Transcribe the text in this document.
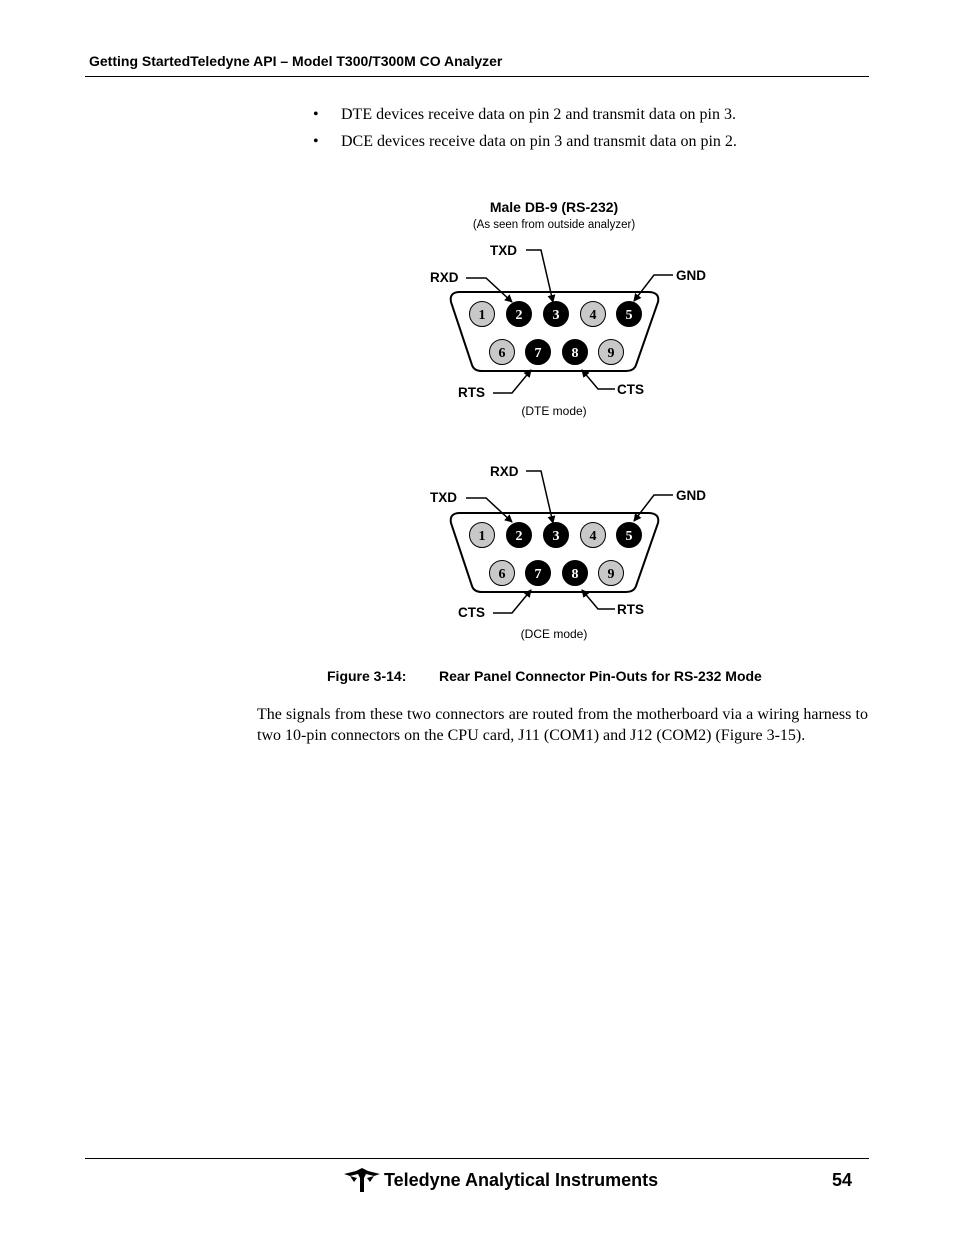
Getting StartedTeledyne API – Model T300/T300M CO Analyzer
•	DTE devices receive data on pin 2 and transmit data on pin 3.
•	DCE devices receive data on pin 3 and transmit data on pin 2.
Male DB-9 (RS-232)
(As seen from outside analyzer)
TXD
RXD	GND
RTS	CTS
(DTE mode)
1 2 3 4 5
6 7 8 9
RXD
TXD	GND
CTS	RTS
(DCE mode)
1 2 3 4 5
6 7 8 9
Figure 3-14: Rear Panel Connector Pin-Outs for RS-232 Mode

The signals from these two connectors are routed from the motherboard via a wiring harness to two 10-pin connectors on the CPU card, J11 (COM1) and J12 (COM2) (Figure 3-15).

Teledyne Analytical Instruments	54
